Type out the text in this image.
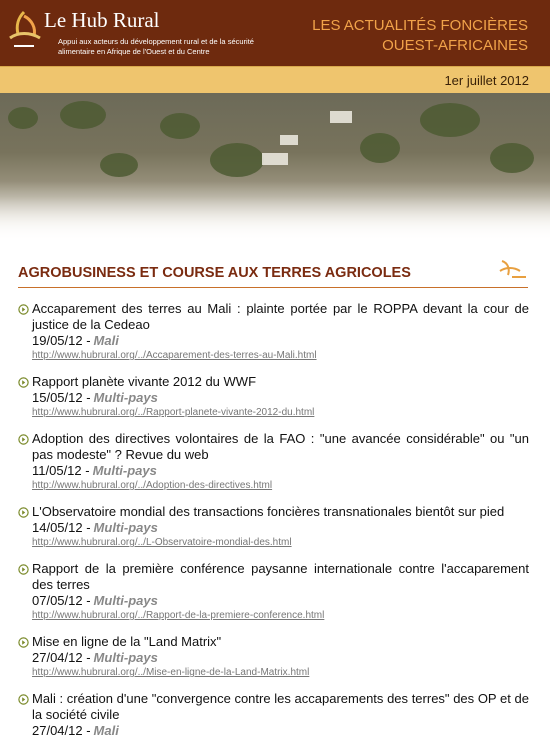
Le Hub Rural
Appui aux acteurs du développement rural et de la sécurité alimentaire en Afrique de l'Ouest et du Centre
LES ACTUALITÉS FONCIÈRES
OUEST-AFRICAINES
1er juillet 2012
AGROBUSINESS ET COURSE AUX TERRES AGRICOLES
Accaparement des terres au Mali : plainte portée par le ROPPA devant la cour de justice de la Cedeao
19/05/12 - Mali
http://www.hubrural.org/../Accaparement-des-terres-au-Mali.html
Rapport planète vivante 2012 du WWF
15/05/12 - Multi-pays
http://www.hubrural.org/../Rapport-planete-vivante-2012-du.html
Adoption des directives volontaires de la FAO : "une avancée considérable" ou "un pas modeste" ? Revue du web
11/05/12 - Multi-pays
http://www.hubrural.org/../Adoption-des-directives.html
L'Observatoire mondial des transactions foncières transnationales bientôt sur pied
14/05/12 - Multi-pays
http://www.hubrural.org/../L-Observatoire-mondial-des.html
Rapport de la première conférence paysanne internationale contre l'accaparement des terres
07/05/12 - Multi-pays
http://www.hubrural.org/../Rapport-de-la-premiere-conference.html
Mise en ligne de la "Land Matrix"
27/04/12 - Multi-pays
http://www.hubrural.org/../Mise-en-ligne-de-la-Land-Matrix.html
Mali : création d'une "convergence contre les accaparements des terres" des OP et de la société civile
27/04/12 - Mali
